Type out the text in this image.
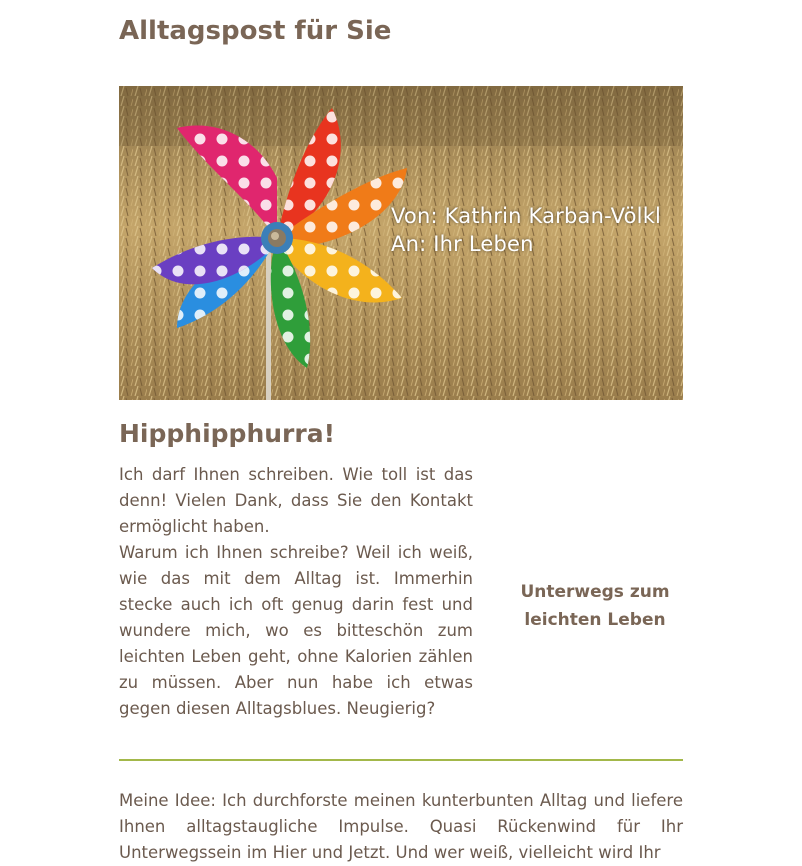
Alltagspost für Sie
Von: Kathrin Karban-Völkl
An: Ihr Leben
Hipphipphurra!

Ich darf Ihnen schreiben. Wie toll ist das denn! Vielen Dank, dass Sie den Kontakt ermöglicht haben.

Warum ich Ihnen schreibe? Weil ich weiß, wie das mit dem Alltag ist. Immerhin stecke auch ich oft genug darin fest und wundere mich, wo es bitteschön zum leichten Leben geht, ohne Kalorien zählen zu müssen. Aber nun habe ich etwas gegen diesen Alltagsblues. Neugierig?

Unterwegs zum leichten Leben

Meine Idee: Ich durchforste meinen kunterbunten Alltag und liefere Ihnen alltagstaugliche Impulse. Quasi Rückenwind für Ihr Unterwegssein im Hier und Jetzt. Und wer weiß, vielleicht wird Ihr
